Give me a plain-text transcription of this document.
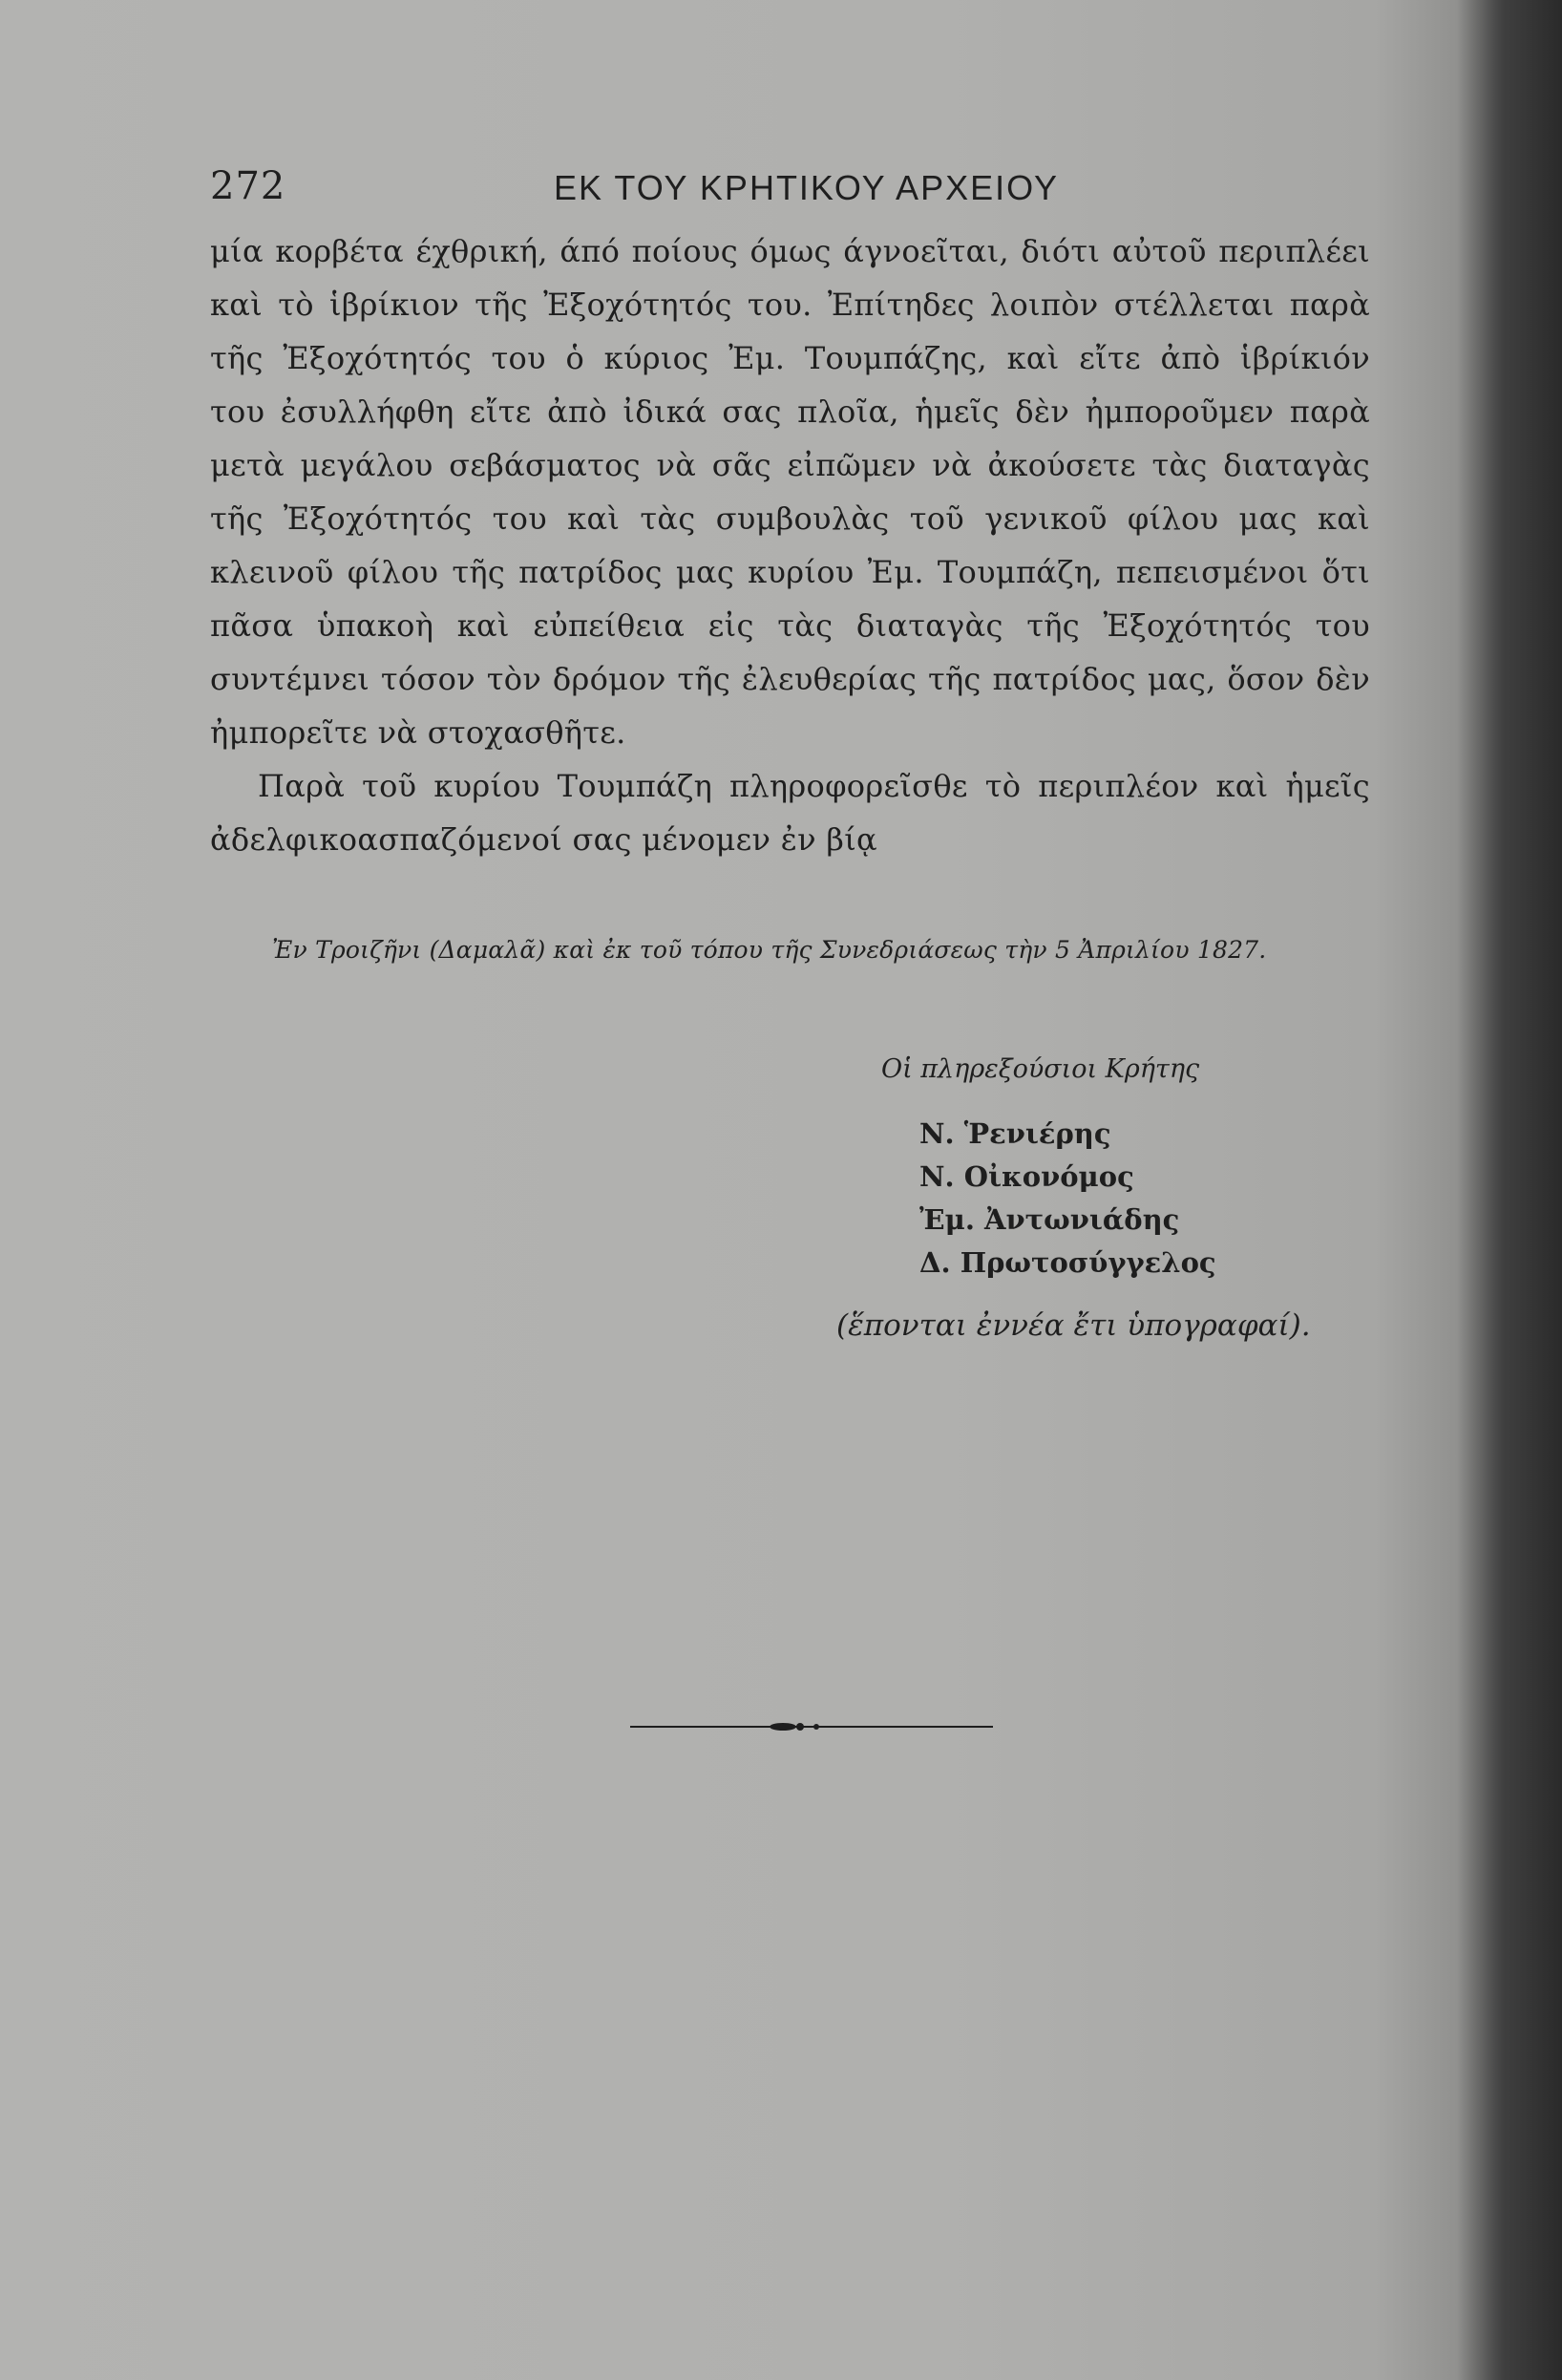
272	ΕΚ ΤΟΥ ΚΡΗΤΙΚΟΥ ΑΡΧΕΙΟΥ
μία κορβέτα έχθρική, άπό ποίους όμως άγνοεῖται, διότι αὐτοῦ περιπλέει
καὶ τὸ ἱβρίκιον τῆς Ἐξοχότητός του. Ἐπίτηδες λοιπὸν στέλλεται παρὰ
τῆς Ἐξοχότητός του ὁ κύριος Ἐμ. Τουμπάζης, καὶ εἴτε ἀπὸ ἱβρίκιόν
του ἐσυλλήφθη εἴτε ἀπὸ ἰδικά σας πλοῖα, ἡμεῖς δὲν ἠμποροῦμεν παρὰ
μετὰ μεγάλου σεβάσματος νὰ σᾶς εἰπῶμεν νὰ ἀκούσετε τὰς διαταγὰς
τῆς Ἐξοχότητός του καὶ τὰς συμβουλὰς τοῦ γενικοῦ φίλου μας καὶ
κλεινοῦ φίλου τῆς πατρίδος μας κυρίου Ἐμ. Τουμπάζη, πεπεισμένοι ὅτι
πᾶσα ὑπακοὴ καὶ εὐπείθεια εἰς τὰς διαταγὰς τῆς Ἐξοχότητός του
συντέμνει τόσον τὸν δρόμον τῆς ἐλευθερίας τῆς πατρίδος μας, ὅσον δὲν
ἠμπορεῖτε νὰ στοχασθῆτε.
Παρὰ τοῦ κυρίου Τουμπάζη πληροφορεῖσθε τὸ περιπλέον καὶ ἡμεῖς
ἀδελφικοασπαζόμενοί σας μένομεν ἐν βίᾳ
Ἐν Τροιζῆνι (Δαμαλᾶ) καὶ ἐκ τοῦ τόπου τῆς Συνεδριάσεως τὴν 5 Ἀπριλίου 1827.
Οἱ πληρεξούσιοι Κρήτης
Ν. Ῥενιέρης
Ν. Οἰκονόμος
Ἐμ. Ἀντωνιάδης
Δ. Πρωτοσύγγελος
(ἕπονται ἐννέα ἔτι ὑπογραφαί).
